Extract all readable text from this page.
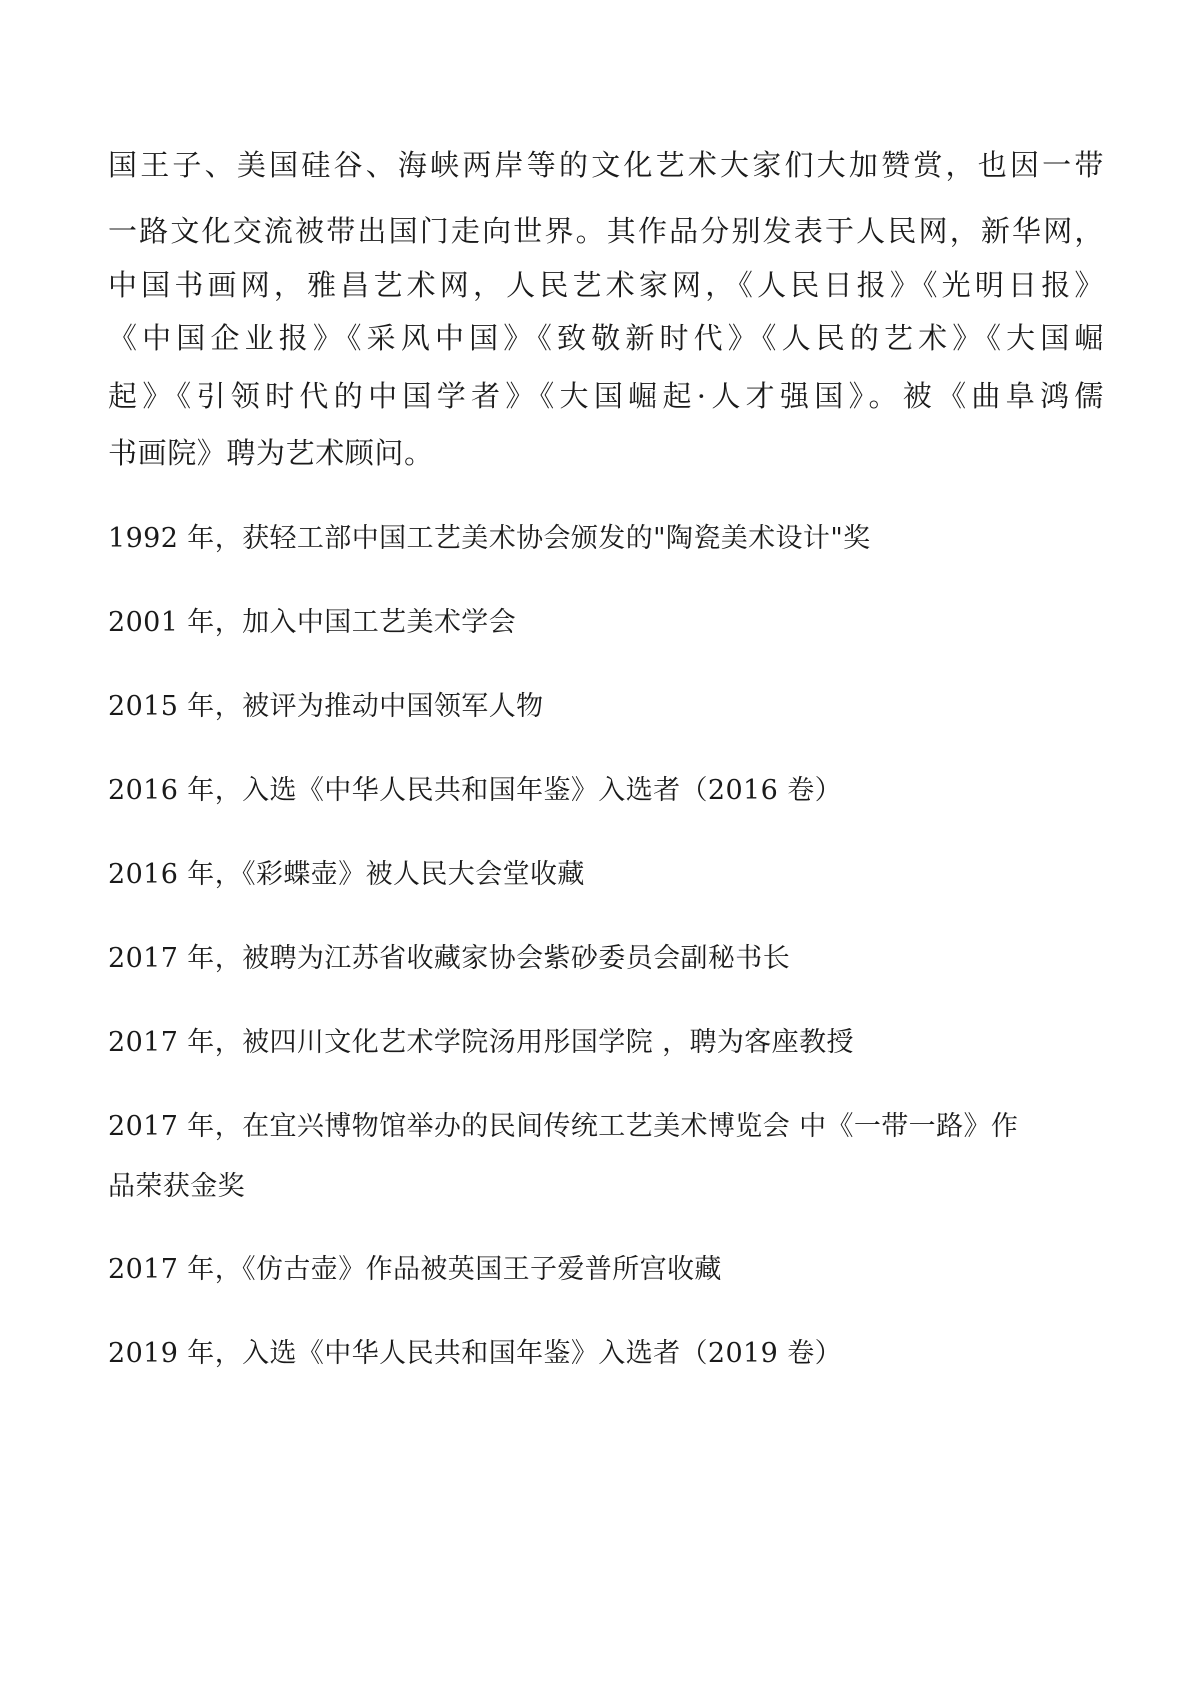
国王子、美国硅谷、海峡两岸等的文化艺术大家们大加赞赏，也因一带
一路文化交流被带出国门走向世界。其作品分别发表于人民网，新华网，
中国书画网，雅昌艺术网，人民艺术家网，《人民日报》《光明日报》
《中国企业报》《采风中国》《致敬新时代》《人民的艺术》《大国崛
起》《引领时代的中国学者》《大国崛起·人才强国》。被《曲阜鸿儒
书画院》聘为艺术顾问。
1992 年，获轻工部中国工艺美术协会颁发的"陶瓷美术设计"奖
2001 年，加入中国工艺美术学会
2015 年，被评为推动中国领军人物
2016 年，入选《中华人民共和国年鉴》入选者（2016 卷）
2016 年，《彩蝶壶》被人民大会堂收藏
2017 年，被聘为江苏省收藏家协会紫砂委员会副秘书长
2017 年，被四川文化艺术学院汤用彤国学院 ，聘为客座教授
2017 年，在宜兴博物馆举办的民间传统工艺美术博览会 中《一带一路》作
品荣获金奖
2017 年，《仿古壶》作品被英国王子爱普所宫收藏
2019 年，入选《中华人民共和国年鉴》入选者（2019 卷）
